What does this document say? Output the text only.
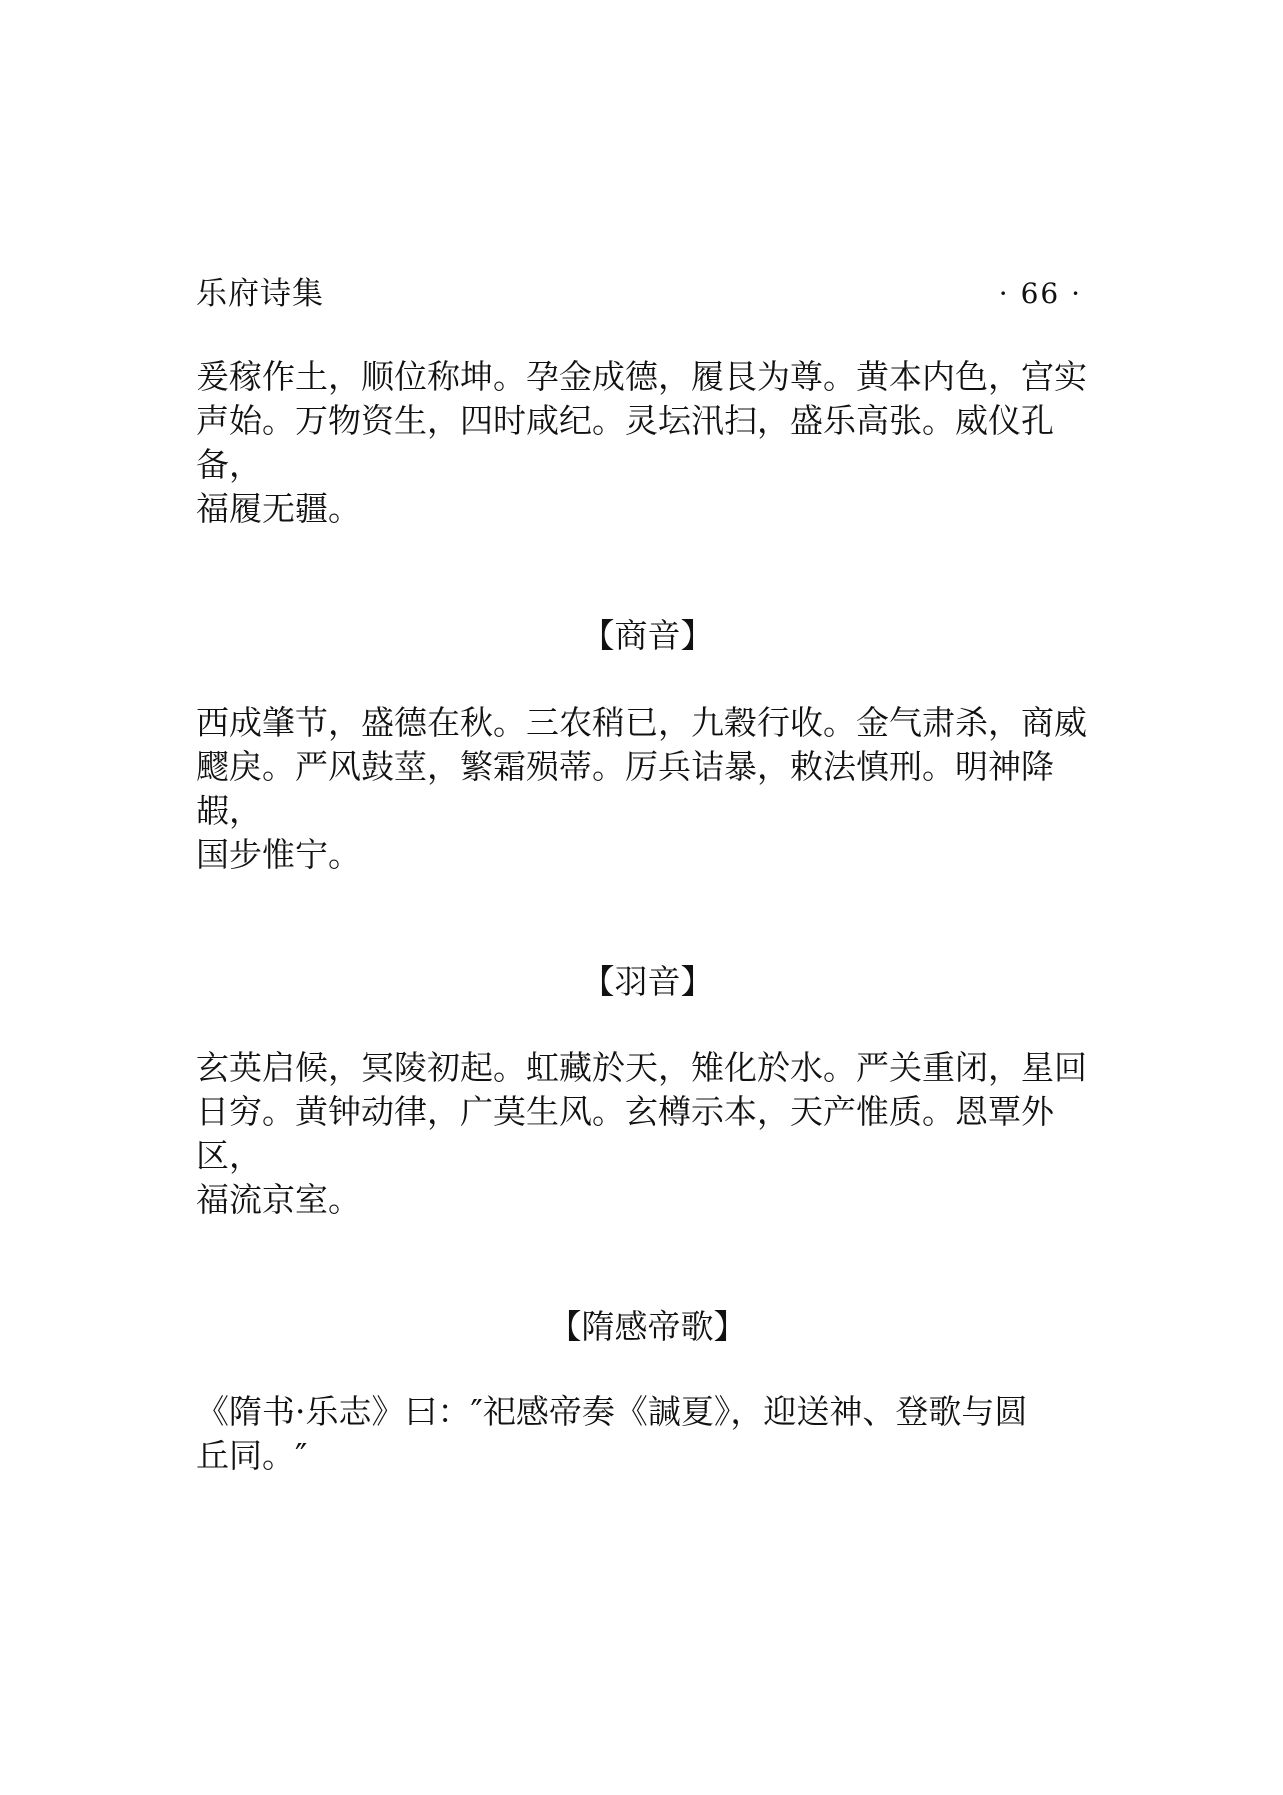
乐府诗集	· 66 ·

爰稼作土，顺位称坤。孕金成德，履艮为尊。黄本内色，宫实
声始。万物资生，四时咸纪。灵坛汛扫，盛乐高张。威仪孔备，
福履无疆。

【商音】

西成肇节，盛德在秋。三农稍已，九穀行收。金气肃杀，商威
飂戾。严风鼓莖，繁霜殒蒂。厉兵诘暴，敕法慎刑。明神降嘏，
国步惟宁。

【羽音】

玄英启候，冥陵初起。虹藏於天，雉化於水。严关重闭，星回
日穷。黄钟动律，广莫生风。玄樽示本，天产惟质。恩覃外区，
福流京室。

【隋感帝歌】

《隋书·乐志》曰：″祀感帝奏《諴夏》，迎送神、登歌与圆
丘同。″
